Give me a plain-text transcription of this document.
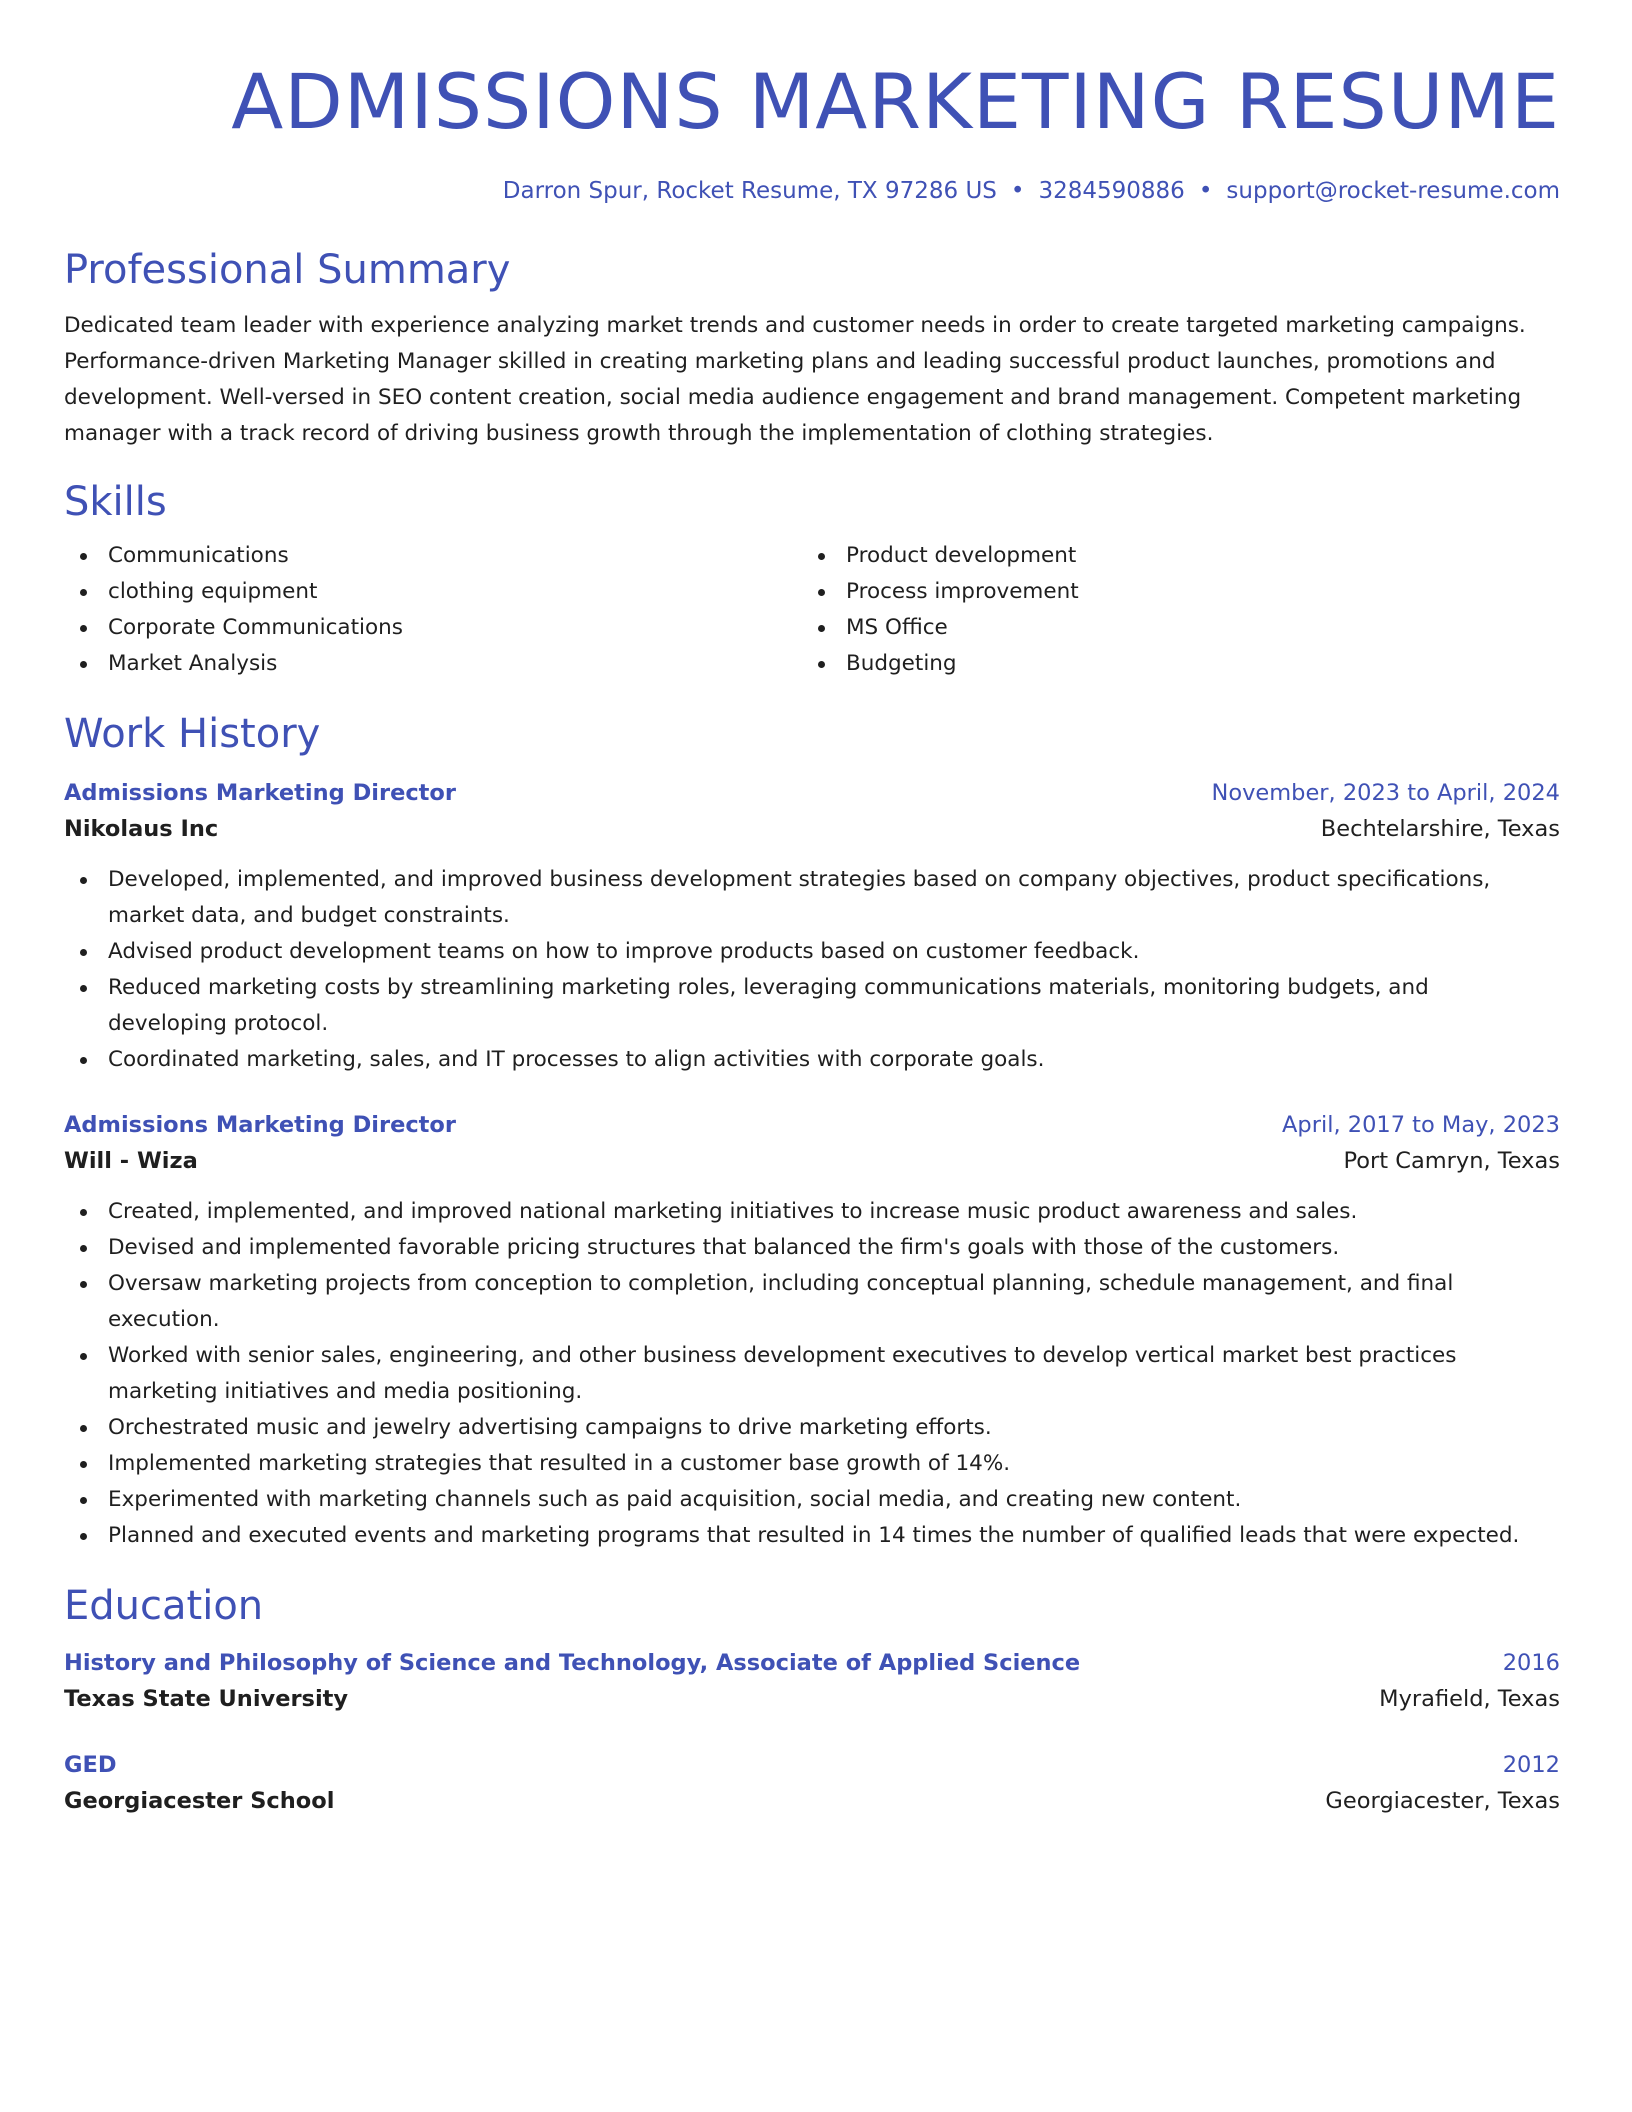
ADMISSIONS MARKETING RESUME
Darron Spur, Rocket Resume, TX 97286 US • 3284590886 • support@rocket-resume.com
Professional Summary

Dedicated team leader with experience analyzing market trends and customer needs in order to create targeted marketing campaigns. Performance-driven Marketing Manager skilled in creating marketing plans and leading successful product launches, promotions and development. Well-versed in SEO content creation, social media audience engagement and brand management. Competent marketing manager with a track record of driving business growth through the implementation of clothing strategies.

Skills
Communications
clothing equipment
Corporate Communications
Market Analysis
Product development
Process improvement
MS Office
Budgeting
Work History
Admissions Marketing Director	November, 2023 to April, 2024
Nikolaus Inc	Bechtelarshire, Texas
Developed, implemented, and improved business development strategies based on company objectives, product specifications, market data, and budget constraints.
Advised product development teams on how to improve products based on customer feedback.
Reduced marketing costs by streamlining marketing roles, leveraging communications materials, monitoring budgets, and developing protocol.
Coordinated marketing, sales, and IT processes to align activities with corporate goals.
Admissions Marketing Director	April, 2017 to May, 2023
Will - Wiza	Port Camryn, Texas
Created, implemented, and improved national marketing initiatives to increase music product awareness and sales.
Devised and implemented favorable pricing structures that balanced the firm's goals with those of the customers.
Oversaw marketing projects from conception to completion, including conceptual planning, schedule management, and final execution.
Worked with senior sales, engineering, and other business development executives to develop vertical market best practices marketing initiatives and media positioning.
Orchestrated music and jewelry advertising campaigns to drive marketing efforts.
Implemented marketing strategies that resulted in a customer base growth of 14%.
Experimented with marketing channels such as paid acquisition, social media, and creating new content.
Planned and executed events and marketing programs that resulted in 14 times the number of qualified leads that were expected.
Education
History and Philosophy of Science and Technology, Associate of Applied Science	2016
Texas State University	Myrafield, Texas
GED	2012
Georgiacester School	Georgiacester, Texas
